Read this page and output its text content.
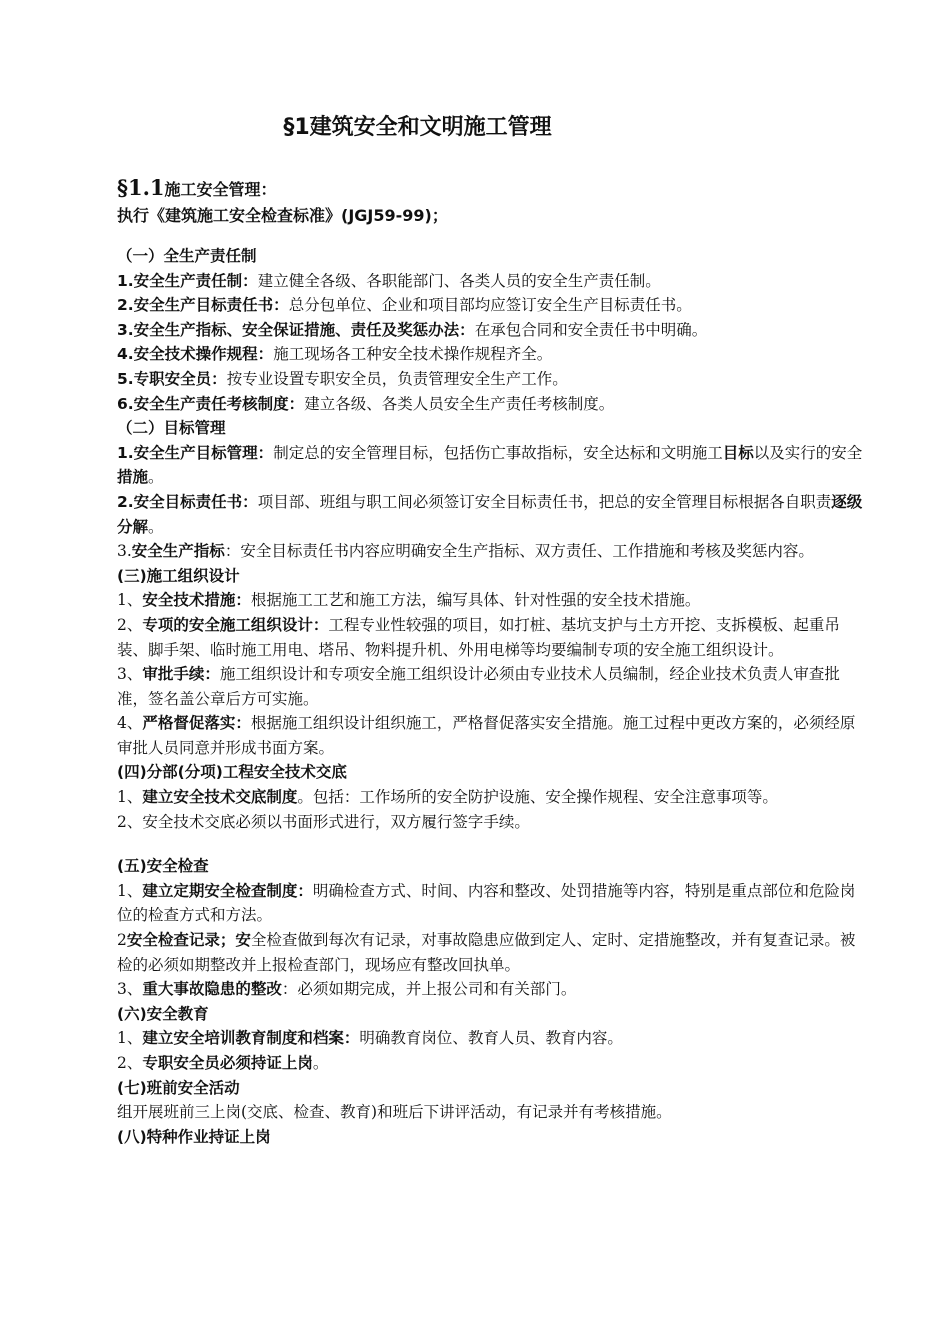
§1建筑安全和文明施工管理
§1.1施工安全管理：
执行《建筑施工安全检查标准》(JGJ59-99)；

（一）全生产责任制

1.安全生产责任制：建立健全各级、各职能部门、各类人员的安全生产责任制。

2.安全生产目标责任书：总分包单位、企业和项目部均应签订安全生产目标责任书。

3.安全生产指标、安全保证措施、责任及奖惩办法：在承包合同和安全责任书中明确。

4.安全技术操作规程：施工现场各工种安全技术操作规程齐全。

5.专职安全员：按专业设置专职安全员，负责管理安全生产工作。

6.安全生产责任考核制度：建立各级、各类人员安全生产责任考核制度。

（二）目标管理

1.安全生产目标管理：制定总的安全管理目标，包括伤亡事故指标，安全达标和文明施工目标以及实行的安全措施。

2.安全目标责任书：项目部、班组与职工间必须签订安全目标责任书，把总的安全管理目标根据各自职责逐级分解。

3.安全生产指标：安全目标责任书内容应明确安全生产指标、双方责任、工作措施和考核及奖惩内容。

(三)施工组织设计

1、安全技术措施：根据施工工艺和施工方法，编写具体、针对性强的安全技术措施。

2、专项的安全施工组织设计：工程专业性较强的项目，如打桩、基坑支护与土方开挖、支拆模板、起重吊装、脚手架、临时施工用电、塔吊、物料提升机、外用电梯等均要编制专项的安全施工组织设计。

3、审批手续：施工组织设计和专项安全施工组织设计必须由专业技术人员编制，经企业技术负责人审查批准，签名盖公章后方可实施。

4、严格督促落实：根据施工组织设计组织施工，严格督促落实安全措施。施工过程中更改方案的，必须经原审批人员同意并形成书面方案。

(四)分部(分项)工程安全技术交底

1、建立安全技术交底制度。包括：工作场所的安全防护设施、安全操作规程、安全注意事项等。

2、安全技术交底必须以书面形式进行，双方履行签字手续。

(五)安全检查

1、建立定期安全检查制度：明确检查方式、时间、内容和整改、处罚措施等内容，特别是重点部位和危险岗位的检查方式和方法。

2安全检查记录；安全检查做到每次有记录，对事故隐患应做到定人、定时、定措施整改，并有复查记录。被检的必须如期整改并上报检查部门，现场应有整改回执单。

3、重大事故隐患的整改：必须如期完成，并上报公司和有关部门。

(六)安全教育

1、建立安全培训教育制度和档案：明确教育岗位、教育人员、教育内容。

2、专职安全员必须持证上岗。

(七)班前安全活动

组开展班前三上岗(交底、检查、教育)和班后下讲评活动，有记录并有考核措施。

(八)特种作业持证上岗
